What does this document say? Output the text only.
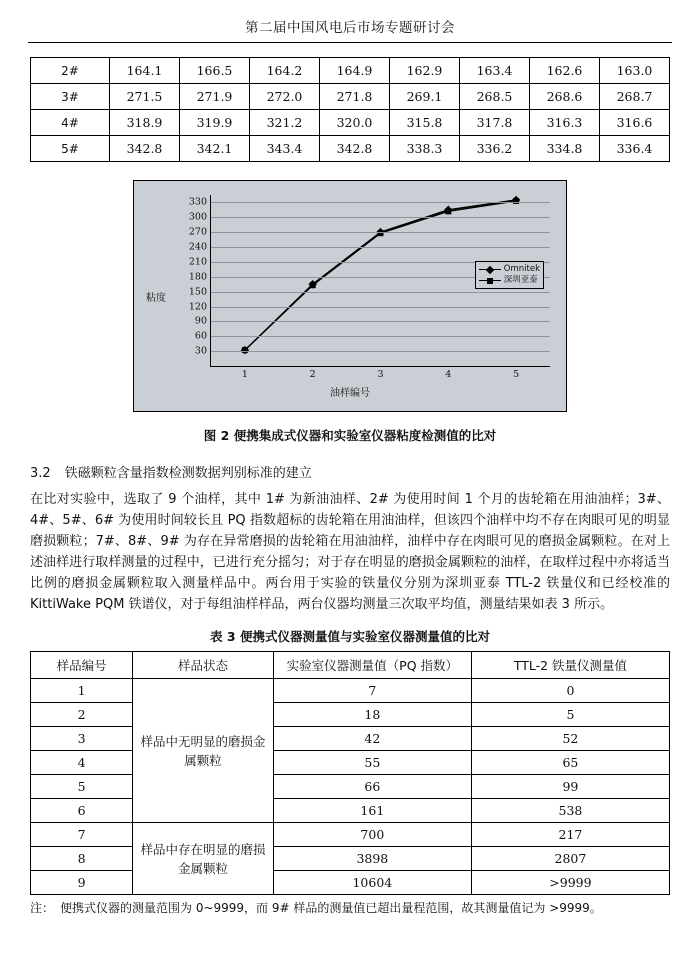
第二届中国风电后市场专题研讨会
2#	164.1	166.5	164.2	164.9	162.9	163.4	162.6	163.0
3#	271.5	271.9	272.0	271.8	269.1	268.5	268.6	268.7
4#	318.9	319.9	321.2	320.0	315.8	317.8	316.3	316.6
5#	342.8	342.1	343.4	342.8	338.3	336.2	334.8	336.4
粘度
30
60
90
120
150
180
210
240
270
300
330
1	2	3	4	5
Omnitek
深圳亚泰
油样编号
图 2 便携集成式仪器和实验室仪器粘度检测值的比对
3.2 铁磁颗粒含量指数检测数据判别标准的建立
在比对实验中，选取了 9 个油样，其中 1# 为新油油样、2# 为使用时间 1 个月的齿轮箱在用油油样；3#、4#、5#、6# 为使用时间较长且 PQ 指数超标的齿轮箱在用油油样，但该四个油样中均不存在肉眼可见的明显磨损颗粒；7#、8#、9# 为存在异常磨损的齿轮箱在用油油样，油样中存在肉眼可见的磨损金属颗粒。在对上述油样进行取样测量的过程中，已进行充分摇匀；对于存在明显的磨损金属颗粒的油样，在取样过程中亦将适当比例的磨损金属颗粒取入测量样品中。两台用于实验的铁量仪分别为深圳亚泰 TTL-2 铁量仪和已经校准的 KittiWake PQM 铁谱仪，对于每组油样样品，两台仪器均测量三次取平均值，测量结果如表 3 所示。
表 3 便携式仪器测量值与实验室仪器测量值的比对
样品编号	样品状态	实验室仪器测量值（PQ 指数）	TTL-2 铁量仪测量值
1	样品中无明显的磨损金属颗粒	7	0
2		18	5
3		42	52
4		55	65
5		66	99
6		161	538
7	样品中存在明显的磨损金属颗粒	700	217
8		3898	2807
9		10604	>9999
注： 便携式仪器的测量范围为 0~9999，而 9# 样品的测量值已超出量程范围，故其测量值记为 >9999。
